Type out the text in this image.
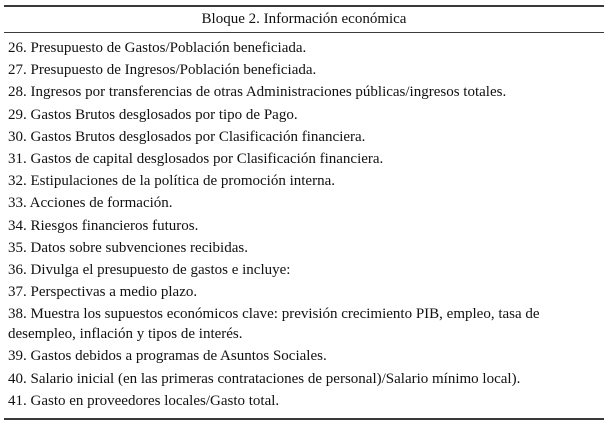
Bloque 2. Información económica
26. Presupuesto de Gastos/Población beneficiada.
27. Presupuesto de Ingresos/Población beneficiada.
28. Ingresos por transferencias de otras Administraciones públicas/ingresos totales.
29. Gastos Brutos desglosados por tipo de Pago.
30. Gastos Brutos desglosados por Clasificación financiera.
31. Gastos de capital desglosados por Clasificación financiera.
32. Estipulaciones de la política de promoción interna.
33. Acciones de formación.
34. Riesgos financieros futuros.
35. Datos sobre subvenciones recibidas.
36. Divulga el presupuesto de gastos e incluye:
37. Perspectivas a medio plazo.
38. Muestra los supuestos económicos clave: previsión crecimiento PIB, empleo, tasa de desempleo, inflación y tipos de interés.
39. Gastos debidos a programas de Asuntos Sociales.
40. Salario inicial (en las primeras contrataciones de personal)/Salario mínimo local).
41. Gasto en proveedores locales/Gasto total.
